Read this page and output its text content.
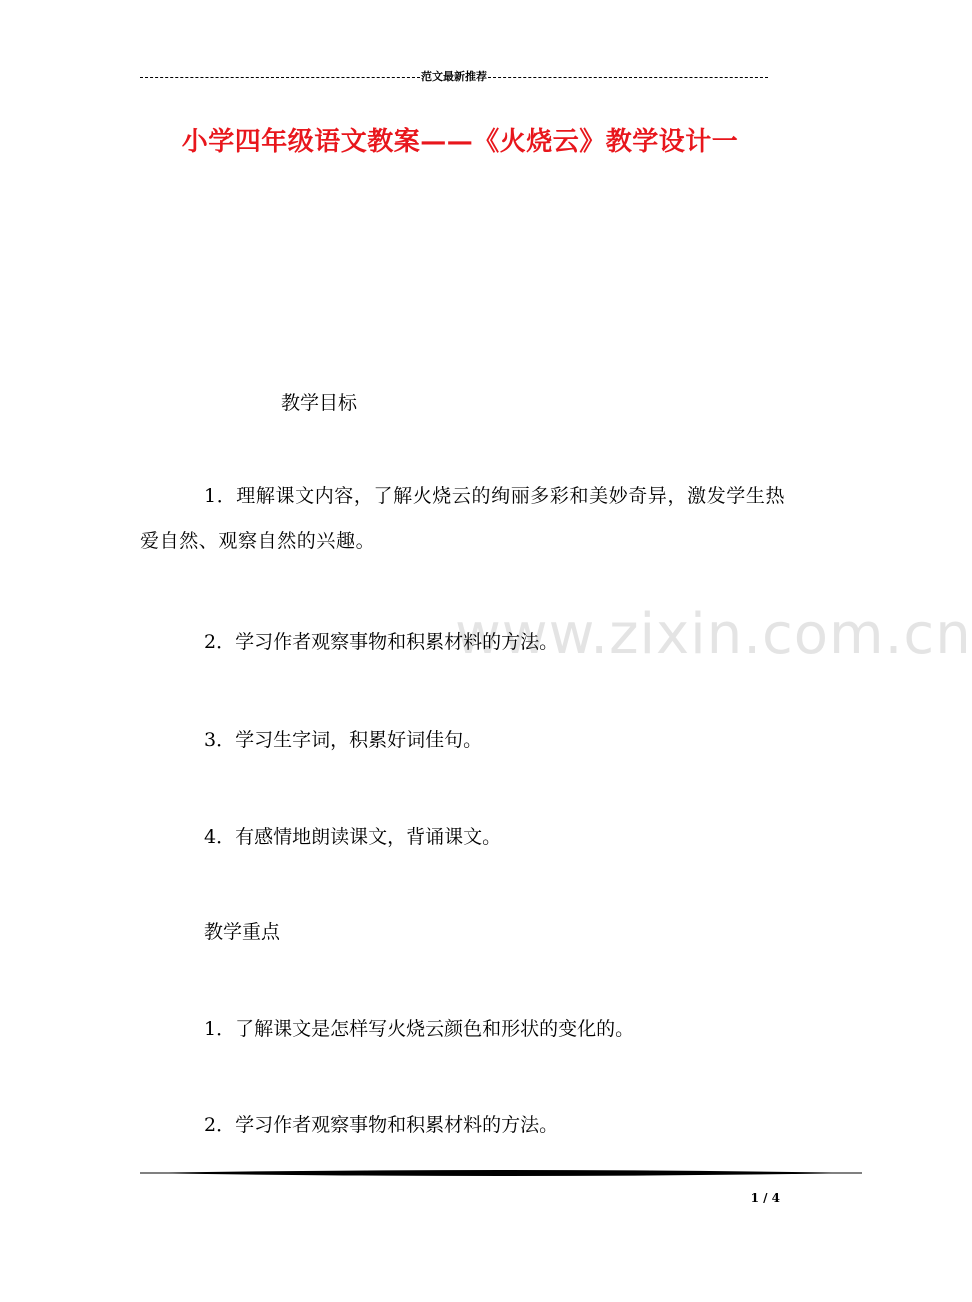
范文最新推荐
小学四年级语文教案——《火烧云》教学设计一
教学目标
1．理解课文内容，了解火烧云的绚丽多彩和美妙奇异，激发学生热爱自然、观察自然的兴趣。
www.zixin.com.cn
2．学习作者观察事物和积累材料的方法。
3．学习生字词，积累好词佳句。
4．有感情地朗读课文，背诵课文。
教学重点
1．了解课文是怎样写火烧云颜色和形状的变化的。
2．学习作者观察事物和积累材料的方法。
1 / 4
